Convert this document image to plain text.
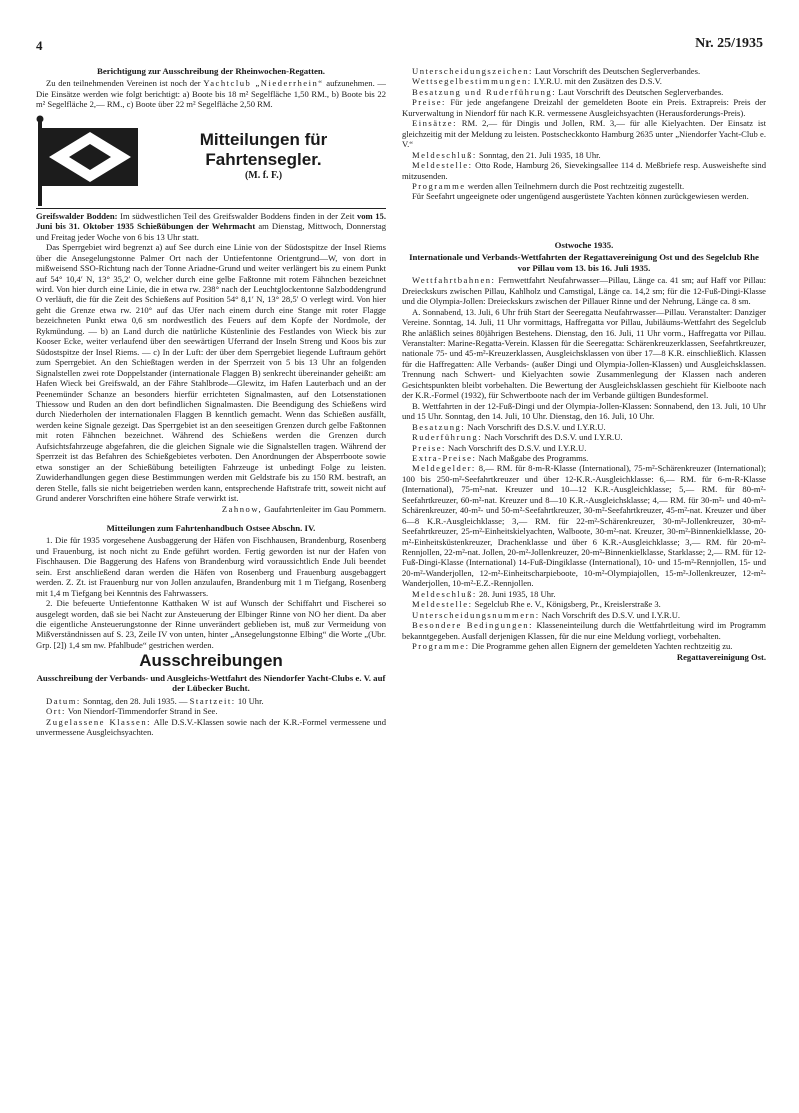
4	Nr. 25/1935
Berichtigung zur Ausschreibung der Rheinwochen-Regatten.

Zu den teilnehmenden Vereinen ist noch der Yachtclub „Niederrhein“ aufzunehmen. — Die Einsätze werden wie folgt berichtigt: a) Boote bis 18 m² Segelfläche 1,50 RM., b) Boote bis 22 m² Segelfläche 2,— RM., c) Boote über 22 m² Segelfläche 2,50 RM.

Mitteilungen für Fahrtensegler.
(M. f. F.)

Greifswalder Bodden: Im südwestlichen Teil des Greifswalder Boddens finden in der Zeit vom 15. Juni bis 31. Oktober 1935 Schießübungen der Wehrmacht am Dienstag, Mittwoch, Donnerstag und Freitag jeder Woche von 6 bis 13 Uhr statt.

Das Sperrgebiet wird begrenzt a) auf See durch eine Linie von der Südostspitze der Insel Riems über die Ansegelungstonne Palmer Ort nach der Untiefentonne Orientgrund—W, von dort in mißweisend SSO-Richtung nach der Tonne Ariadne-Grund und weiter verlängert bis zu einem Punkt auf 54° 10,4′ N, 13° 35,2′ O, welcher durch eine gelbe Faßtonne mit rotem Fähnchen bezeichnet wird. Von hier durch eine Linie, die in etwa rw. 238° nach der Leuchtglockentonne Salzboddengrund O verläuft, die für die Zeit des Schießens auf Position 54° 8,1′ N, 13° 28,5′ O verlegt wird. Von hier geht die Grenze etwa rw. 210° auf das Ufer nach einem durch eine Stange mit roter Flagge bezeichneten Punkt etwa 0,6 sm nordwestlich des Feuers auf dem Kopfe der Nordmole, der Rykmündung. — b) an Land durch die natürliche Küstenlinie des Festlandes von Wieck bis zur Kooser Ecke, weiter verlaufend über den seewärtigen Uferrand der Inseln Streng und Koos bis zur Südostspitze der Insel Riems. — c) In der Luft: der über dem Sperrgebiet liegende Luftraum gehört zum Sperrgebiet. An den Schießtagen werden in der Sperrzeit von 5 bis 13 Uhr an folgenden Signalstellen zwei rote Doppelstander (internationale Flaggen B) senkrecht übereinander geheißt: am Hafen Wieck bei Greifswald, an der Fähre Stahlbrode—Glewitz, im Hafen Lauterbach und an der Peenemünder Schanze an besonders hierfür errichteten Signalmasten, auf den Lotsenstationen Thiessow und Ruden an den dort befindlichen Signalmasten. Die Beendigung des Schießens wird durch Niederholen der internationalen Flaggen B kenntlich gemacht. Wenn das Schießen ausfällt, werden keine Signale gezeigt. Das Sperrgebiet ist an den seeseitigen Grenzen durch gelbe Faßtonnen mit roten Fähnchen bezeichnet. Während des Schießens werden die Grenzen durch Aufsichtsfahrzeuge abgefahren, die die gleichen Signale wie die Signalstellen tragen. Während der Sperrzeit ist das Befahren des Schießgebietes verboten. Den Anordnungen der Absperrboote sowie etwa sonstiger an der Schießübung beteiligten Fahrzeuge ist unbedingt Folge zu leisten. Zuwiderhandlungen gegen diese Bestimmungen werden mit Geldstrafe bis zu 150 RM. bestraft, an deren Stelle, falls sie nicht beigetrieben werden kann, entsprechende Haftstrafe tritt, soweit nicht auf Grund anderer Vorschriften eine höhere Strafe verwirkt ist.

Zahnow, Gaufahrtenleiter im Gau Pommern.

Mitteilungen zum Fahrtenhandbuch Ostsee Abschn. IV.

1. Die für 1935 vorgesehene Ausbaggerung der Häfen von Fischhausen, Brandenburg, Rosenberg und Frauenburg, ist noch nicht zu Ende geführt worden. Fertig geworden ist nur der Hafen von Fischhausen. Die Baggerung des Hafens von Brandenburg wird voraussichtlich Ende Juli beendet sein. Erst anschließend daran werden die Häfen von Rosenberg und Frauenburg ausgebaggert werden. Z. Zt. ist Frauenburg nur von Jollen anzulaufen, Brandenburg mit 1 m Tiefgang, Rosenberg mit 1,4 m Tiefgang bei Kenntnis des Fahrwassers.

2. Die befeuerte Untiefentonne Katthaken W ist auf Wunsch der Schiffahrt und Fischerei so ausgelegt worden, daß sie bei Nacht zur Ansteuerung der Elbinger Rinne von NO her dient. Da aber die eigentliche Ansteuerungstonne der Rinne unverändert geblieben ist, muß zur Vermeidung von Mißverständnissen auf S. 23, Zeile IV von unten, hinter „Ansegelungstonne Elbing“ die Worte „(Ubr. Grp. [2]) 1,4 sm nw. Pfahlbude“ gestrichen werden.

Ausschreibungen
Ausschreibung der Verbands- und Ausgleichs-Wettfahrt des Niendorfer Yacht-Clubs e. V. auf der Lübecker Bucht.

Datum: Sonntag, den 28. Juli 1935. — Startzeit: 10 Uhr.

Ort: Von Niendorf-Timmendorfer Strand in See.

Zugelassene Klassen: Alle D.S.V.-Klassen sowie nach der K.R.-Formel vermessene und unvermessene Ausgleichsyachten.

Unterscheidungszeichen: Laut Vorschrift des Deutschen Seglerverbandes.

Wettsegelbestimmungen: I.Y.R.U. mit den Zusätzen des D.S.V.

Besatzung und Ruderführung: Laut Vorschrift des Deutschen Seglerverbandes.

Preise: Für jede angefangene Dreizahl der gemeldeten Boote ein Preis. Extrapreis: Preis der Kurverwaltung in Niendorf für nach K.R. vermessene Ausgleichsyachten (Herausforderungs-Preis).

Einsätze: RM. 2,— für Dingis und Jollen, RM. 3,— für alle Kielyachten. Der Einsatz ist gleichzeitig mit der Meldung zu leisten. Postscheckkonto Hamburg 2635 unter „Niendorfer Yacht-Club e. V.“

Meldeschluß: Sonntag, den 21. Juli 1935, 18 Uhr.

Meldestelle: Otto Rode, Hamburg 26, Sievekingsallee 114 d. Meßbriefe resp. Ausweishefte sind mitzusenden.

Programme werden allen Teilnehmern durch die Post rechtzeitig zugestellt.

Für Seefahrt ungeeignete oder ungenügend ausgerüstete Yachten können zurückgewiesen werden.

Ostwoche 1935.
Internationale und Verbands-Wettfahrten der Regattavereinigung Ost und des Segelclub Rhe vor Pillau vom 13. bis 16. Juli 1935.

Wettfahrtbahnen: Fernwettfahrt Neufahrwasser—Pillau, Länge ca. 41 sm; auf Haff vor Pillau: Dreieckskurs zwischen Pillau, Kahlholz und Camstigal, Länge ca. 14,2 sm; für die 12-Fuß-Dingi-Klasse und die Olympia-Jollen: Dreieckskurs zwischen der Pillauer Rinne und der Nehrung, Länge ca. 8 sm.

A. Sonnabend, 13. Juli, 6 Uhr früh Start der Seeregatta Neufahrwasser—Pillau. Veranstalter: Danziger Vereine. Sonntag, 14. Juli, 11 Uhr vormittags, Haffregatta vor Pillau, Jubiläums-Wettfahrt des Segelclub Rhe anläßlich seines 80jährigen Bestehens. Dienstag, den 16. Juli, 11 Uhr vorm., Haffregatta vor Pillau. Veranstalter: Marine-Regatta-Verein. Klassen für die Seeregatta: Schärenkreuzerklassen, Seefahrtkreuzer, nationale 75- und 45-m²-Kreuzerklassen, Ausgleichsklassen von über 17—8 K.R. einschließlich. Klassen für die Haffregatten: Alle Verbands- (außer Dingi und Olympia-Jollen-Klassen) und Ausgleichsklassen. Trennung nach Schwert- und Kielyachten sowie Zusammenlegung der Klassen nach anderen Gesichtspunkten bleibt vorbehalten. Die Bewertung der Ausgleichsklassen geschieht für Kielboote nach der K.R.-Formel (1932), für Schwertboote nach der im Verbande gültigen Bundesformel.

B. Wettfahrten in der 12-Fuß-Dingi und der Olympia-Jollen-Klassen: Sonnabend, den 13. Juli, 10 Uhr und 15 Uhr. Sonntag, den 14. Juli, 10 Uhr. Dienstag, den 16. Juli, 10 Uhr.

Besatzung: Nach Vorschrift des D.S.V. und I.Y.R.U.

Ruderführung: Nach Vorschrift des D.S.V. und I.Y.R.U.

Preise: Nach Vorschrift des D.S.V. und I.Y.R.U.

Extra-Preise: Nach Maßgabe des Programms.

Meldegelder: 8,— RM. für 8-m-R-Klasse (International), 75-m²-Schärenkreuzer (International); 100 bis 250-m²-Seefahrtkreuzer und über 12-K.R.-Ausgleichklasse: 6,— RM. für 6-m-R-Klasse (International), 75-m²-nat. Kreuzer und 10—12 K.R.-Ausgleichklasse; 5,— RM. für 80-m²-Seefahrtkreuzer, 60-m²-nat. Kreuzer und 8—10 K.R.-Ausgleichsklasse; 4,— RM. für 30-m²- und 40-m²-Schärenkreuzer, 40-m²- und 50-m²-Seefahrtkreuzer, 30-m²-Seefahrtkreuzer, 45-m²-nat. Kreuzer und über 6—8 K.R.-Ausgleichklasse; 3,— RM. für 22-m²-Schärenkreuzer, 30-m²-Jollenkreuzer, 30-m²-Seefahrtkreuzer, 25-m²-Einheitskielyachten, Walboote, 30-m²-nat. Kreuzer, 30-m²-Binnenkielklasse, 20-m²-Einheitsküstenkreuzer, Drachenklasse und über 6 K.R.-Ausgleichklasse; 3,— RM. für 20-m²-Rennjollen, 22-m²-nat. Jollen, 20-m²-Jollenkreuzer, 20-m²-Binnenkielklasse, Starklasse; 2,— RM. für 12-Fuß-Dingi-Klasse (International) 14-Fuß-Dingiklasse (International), 10- und 15-m²-Rennjollen, 15- und 20-m²-Wanderjollen, 12-m²-Einheitscharpieboote, 10-m²-Olympiajollen, 15-m²-Jollenkreuzer, 12-m²-Wanderjollen, 10-m²-E.Z.-Rennjollen.

Meldeschluß: 28. Juni 1935, 18 Uhr.

Meldestelle: Segelclub Rhe e. V., Königsberg, Pr., Kreislerstraße 3.

Unterscheidungsnummern: Nach Vorschrift des D.S.V. und I.Y.R.U.

Besondere Bedingungen: Klasseneinteilung durch die Wettfahrtleitung wird im Programm bekanntgegeben. Ausfall derjenigen Klassen, für die nur eine Meldung vorliegt, vorbehalten.

Programme: Die Programme gehen allen Eignern der gemeldeten Yachten rechtzeitig zu.

Regattavereinigung Ost.
